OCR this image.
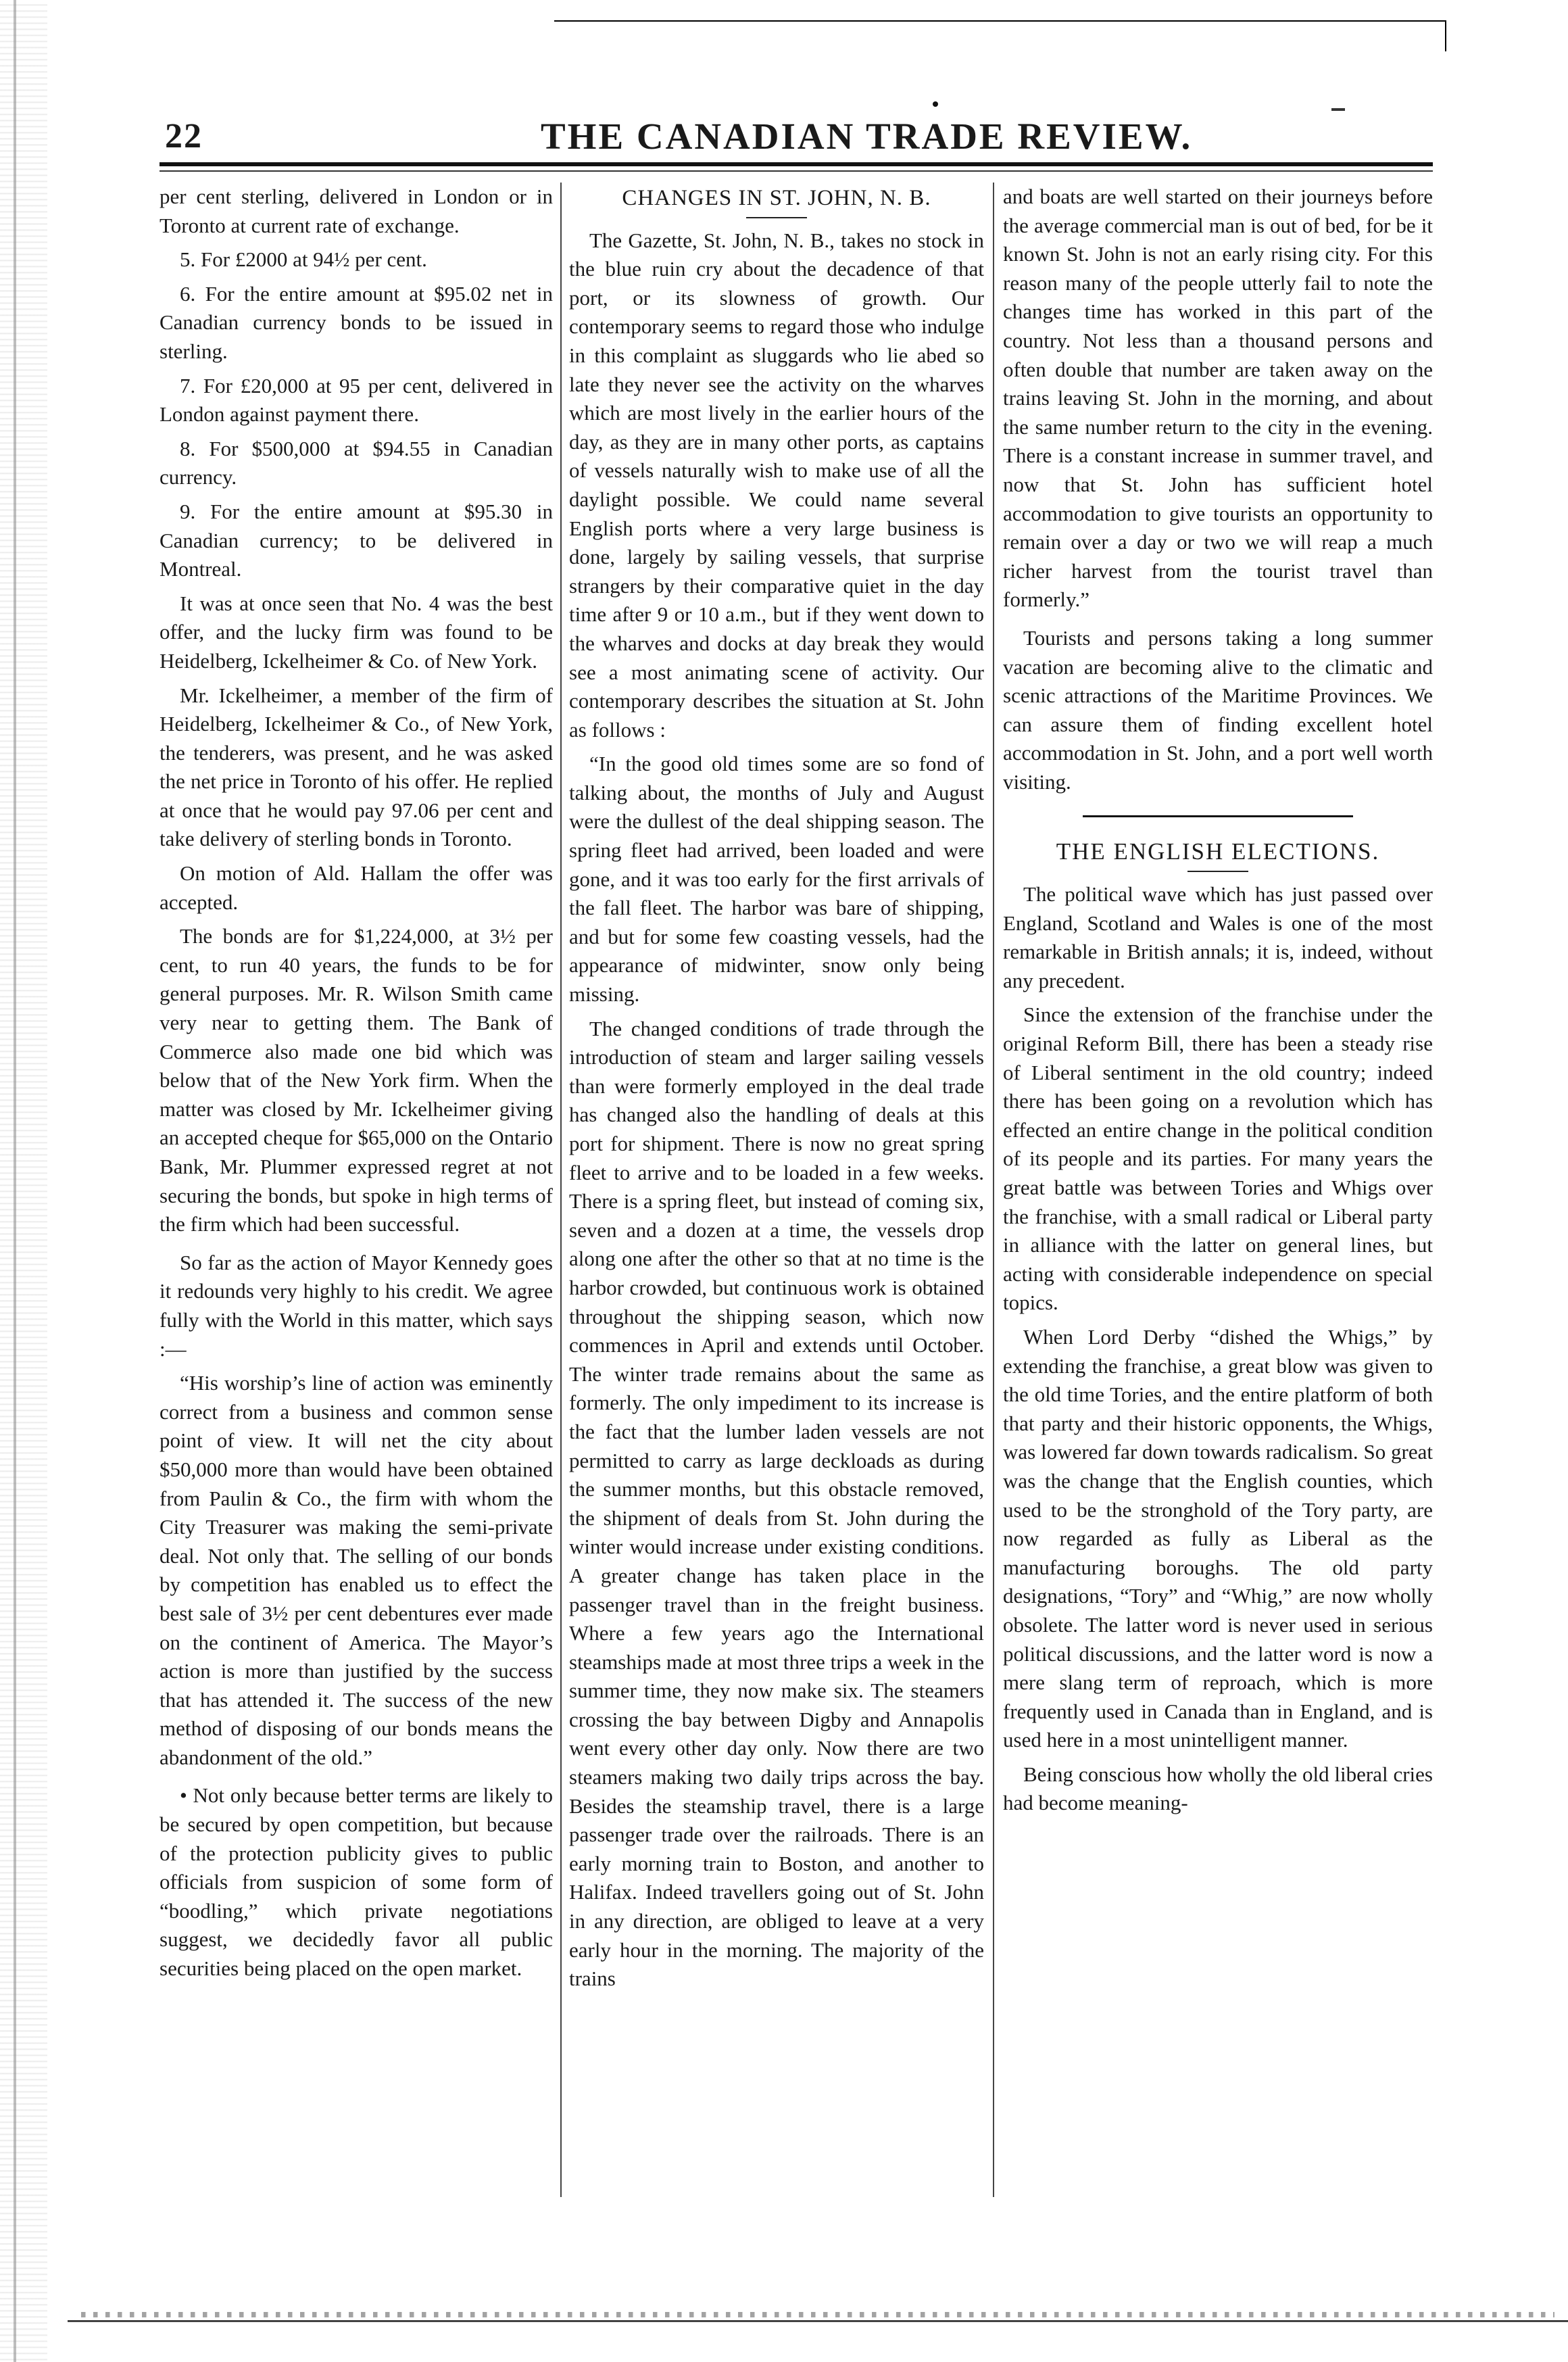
22	THE CANADIAN TRADE REVIEW.

per cent sterling, delivered in London or in Toronto at current rate of exchange.

5. For £2000 at 94½ per cent.

6. For the entire amount at $95.02 net in Canadian currency bonds to be issued in sterling.

7. For £20,000 at 95 per cent, delivered in London against payment there.

8. For $500,000 at $94.55 in Canadian currency.

9. For the entire amount at $95.30 in Canadian currency; to be delivered in Montreal.

It was at once seen that No. 4 was the best offer, and the lucky firm was found to be Heidelberg, Ickelheimer & Co. of New York.

Mr. Ickelheimer, a member of the firm of Heidelberg, Ickelheimer & Co., of New York, the tenderers, was present, and he was asked the net price in Toronto of his offer. He replied at once that he would pay 97.06 per cent and take delivery of sterling bonds in Toronto.

On motion of Ald. Hallam the offer was accepted.

The bonds are for $1,224,000, at 3½ per cent, to run 40 years, the funds to be for general purposes. Mr. R. Wilson Smith came very near to getting them. The Bank of Commerce also made one bid which was below that of the New York firm. When the matter was closed by Mr. Ickelheimer giving an accepted cheque for $65,000 on the Ontario Bank, Mr. Plummer expressed regret at not securing the bonds, but spoke in high terms of the firm which had been successful.

So far as the action of Mayor Kennedy goes it redounds very highly to his credit. We agree fully with the World in this matter, which says :—

“His worship’s line of action was eminently correct from a business and common sense point of view. It will net the city about $50,000 more than would have been obtained from Paulin & Co., the firm with whom the City Treasurer was making the semi-private deal. Not only that. The selling of our bonds by competition has enabled us to effect the best sale of 3½ per cent debentures ever made on the continent of America. The Mayor’s action is more than justified by the success that has attended it. The success of the new method of disposing of our bonds means the abandonment of the old.”

• Not only because better terms are likely to be secured by open competition, but because of the protection publicity gives to public officials from suspicion of some form of “boodling,” which private negotiations suggest, we decidedly favor all public securities being placed on the open market.

CHANGES IN ST. JOHN, N. B.

The Gazette, St. John, N. B., takes no stock in the blue ruin cry about the decadence of that port, or its slowness of growth. Our contemporary seems to regard those who indulge in this complaint as sluggards who lie abed so late they never see the activity on the wharves which are most lively in the earlier hours of the day, as they are in many other ports, as captains of vessels naturally wish to make use of all the daylight possible. We could name several English ports where a very large business is done, largely by sailing vessels, that surprise strangers by their comparative quiet in the day time after 9 or 10 a.m., but if they went down to the wharves and docks at day break they would see a most animating scene of activity. Our contemporary describes the situation at St. John as follows :

“In the good old times some are so fond of talking about, the months of July and August were the dullest of the deal shipping season. The spring fleet had arrived, been loaded and were gone, and it was too early for the first arrivals of the fall fleet. The harbor was bare of shipping, and but for some few coasting vessels, had the appearance of midwinter, snow only being missing.

The changed conditions of trade through the introduction of steam and larger sailing vessels than were formerly employed in the deal trade has changed also the handling of deals at this port for shipment. There is now no great spring fleet to arrive and to be loaded in a few weeks. There is a spring fleet, but instead of coming six, seven and a dozen at a time, the vessels drop along one after the other so that at no time is the harbor crowded, but continuous work is obtained throughout the shipping season, which now commences in April and extends until October. The winter trade remains about the same as formerly. The only impediment to its increase is the fact that the lumber laden vessels are not permitted to carry as large deckloads as during the summer months, but this obstacle removed, the shipment of deals from St. John during the winter would increase under existing conditions. A greater change has taken place in the passenger travel than in the freight business. Where a few years ago the International steamships made at most three trips a week in the summer time, they now make six. The steamers crossing the bay between Digby and Annapolis went every other day only. Now there are two steamers making two daily trips across the bay. Besides the steamship travel, there is a large passenger trade over the railroads. There is an early morning train to Boston, and another to Halifax. Indeed travellers going out of St. John in any direction, are obliged to leave at a very early hour in the morning. The majority of the trains

and boats are well started on their journeys before the average commercial man is out of bed, for be it known St. John is not an early rising city. For this reason many of the people utterly fail to note the changes time has worked in this part of the country. Not less than a thousand persons and often double that number are taken away on the trains leaving St. John in the morning, and about the same number return to the city in the evening. There is a constant increase in summer travel, and now that St. John has sufficient hotel accommodation to give tourists an opportunity to remain over a day or two we will reap a much richer harvest from the tourist travel than formerly.”

Tourists and persons taking a long summer vacation are becoming alive to the climatic and scenic attractions of the Maritime Provinces. We can assure them of finding excellent hotel accommodation in St. John, and a port well worth visiting.

THE ENGLISH ELECTIONS.

The political wave which has just passed over England, Scotland and Wales is one of the most remarkable in British annals; it is, indeed, without any precedent.

Since the extension of the franchise under the original Reform Bill, there has been a steady rise of Liberal sentiment in the old country; indeed there has been going on a revolution which has effected an entire change in the political condition of its people and its parties. For many years the great battle was between Tories and Whigs over the franchise, with a small radical or Liberal party in alliance with the latter on general lines, but acting with considerable independence on special topics.

When Lord Derby “dished the Whigs,” by extending the franchise, a great blow was given to the old time Tories, and the entire platform of both that party and their historic opponents, the Whigs, was lowered far down towards radicalism. So great was the change that the English counties, which used to be the stronghold of the Tory party, are now regarded as fully as Liberal as the manufacturing boroughs. The old party designations, “Tory” and “Whig,” are now wholly obsolete. The latter word is never used in serious political discussions, and the latter word is now a mere slang term of reproach, which is more frequently used in Canada than in England, and is used here in a most unintelligent manner.

Being conscious how wholly the old liberal cries had become meaning-
